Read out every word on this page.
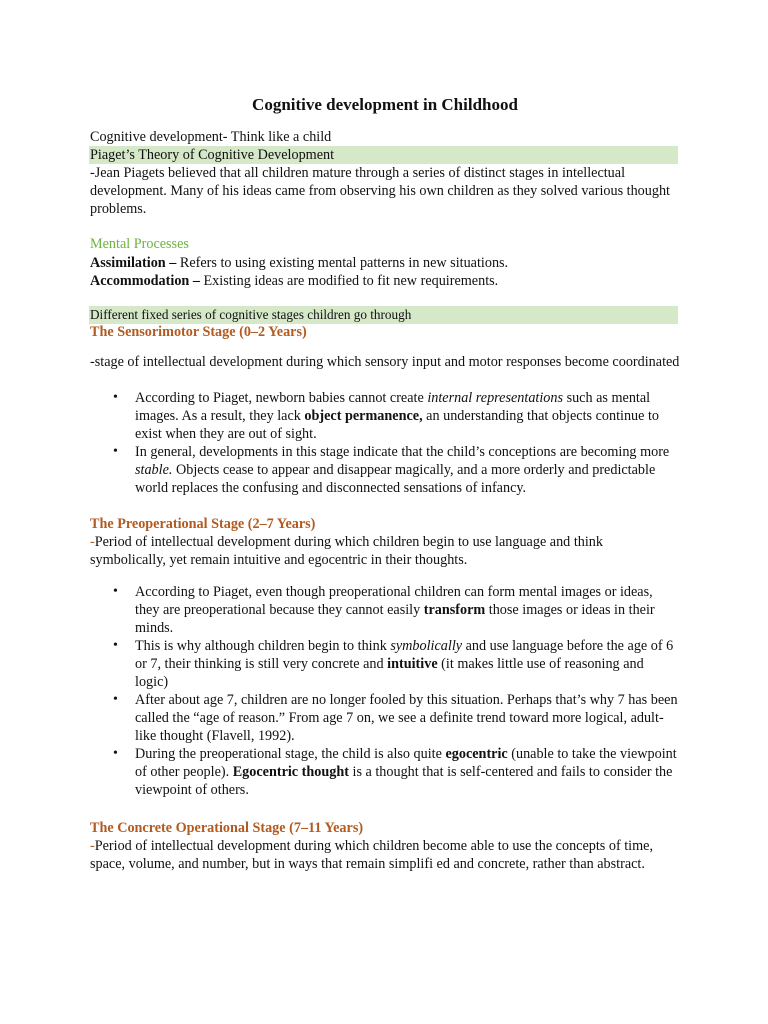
Cognitive development in Childhood

Cognitive development- Think like a child

Piaget’s Theory of Cognitive Development

-Jean Piagets believed that all children mature through a series of distinct stages in intellectual development. Many of his ideas came from observing his own children as they solved various thought problems.

Mental Processes

Assimilation – Refers to using existing mental patterns in new situations.

Accommodation – Existing ideas are modified to fit new requirements.

Different fixed series of cognitive stages children go through

The Sensorimotor Stage (0–2 Years)

-stage of intellectual development during which sensory input and motor responses become coordinated

• According to Piaget, newborn babies cannot create internal representations such as mental images. As a result, they lack object permanence, an understanding that objects continue to exist when they are out of sight.
• In general, developments in this stage indicate that the child’s conceptions are becoming more stable. Objects cease to appear and disappear magically, and a more orderly and predictable world replaces the confusing and disconnected sensations of infancy.

The Preoperational Stage (2–7 Years)

-Period of intellectual development during which children begin to use language and think symbolically, yet remain intuitive and egocentric in their thoughts.

• According to Piaget, even though preoperational children can form mental images or ideas, they are preoperational because they cannot easily transform those images or ideas in their minds.
• This is why although children begin to think symbolically and use language before the age of 6 or 7, their thinking is still very concrete and intuitive (it makes little use of reasoning and logic)
• After about age 7, children are no longer fooled by this situation. Perhaps that’s why 7 has been called the “age of reason.” From age 7 on, we see a definite trend toward more logical, adult-like thought (Flavell, 1992).
• During the preoperational stage, the child is also quite egocentric (unable to take the viewpoint of other people). Egocentric thought is a thought that is self-centered and fails to consider the viewpoint of others.

The Concrete Operational Stage (7–11 Years)

-Period of intellectual development during which children become able to use the concepts of time, space, volume, and number, but in ways that remain simplifi ed and concrete, rather than abstract.
